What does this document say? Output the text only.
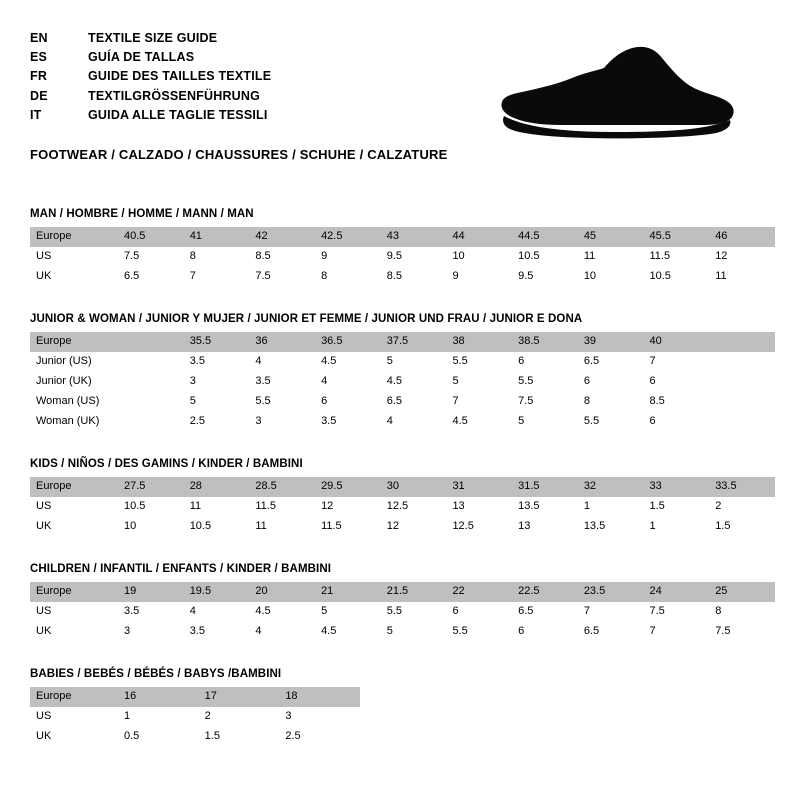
EN	TEXTILE SIZE GUIDE
ES	GUÍA DE TALLAS
FR	GUIDE DES TAILLES TEXTILE
DE	TEXTILGRÖSSENFÜHRUNG
IT	GUIDA ALLE TAGLIE TESSILI
FOOTWEAR / CALZADO / CHAUSSURES / SCHUHE / CALZATURE
MAN / HOMBRE / HOMME / MANN / MAN
Europe	40.5	41	42	42.5	43	44	44.5	45	45.5	46
US	7.5	8	8.5	9	9.5	10	10.5	11	11.5	12
UK	6.5	7	7.5	8	8.5	9	9.5	10	10.5	11
JUNIOR & WOMAN / JUNIOR Y MUJER / JUNIOR ET FEMME / JUNIOR UND FRAU / JUNIOR E DONA
Europe		35.5	36	36.5	37.5	38	38.5	39	40	
Junior (US)		3.5	4	4.5	5	5.5	6	6.5	7	
Junior (UK)		3	3.5	4	4.5	5	5.5	6	6	
Woman (US)		5	5.5	6	6.5	7	7.5	8	8.5	
Woman (UK)		2.5	3	3.5	4	4.5	5	5.5	6	
KIDS / NIÑOS / DES GAMINS / KINDER / BAMBINI
Europe	27.5	28	28.5	29.5	30	31	31.5	32	33	33.5
US	10.5	11	11.5	12	12.5	13	13.5	1	1.5	2
UK	10	10.5	11	11.5	12	12.5	13	13.5	1	1.5
CHILDREN / INFANTIL / ENFANTS / KINDER / BAMBINI
Europe	19	19.5	20	21	21.5	22	22.5	23.5	24	25
US	3.5	4	4.5	5	5.5	6	6.5	7	7.5	8
UK	3	3.5	4	4.5	5	5.5	6	6.5	7	7.5
BABIES / BEBÉS / BÉBÉS / BABYS /BAMBINI
Europe	16	17	18
US	1	2	3
UK	0.5	1.5	2.5
